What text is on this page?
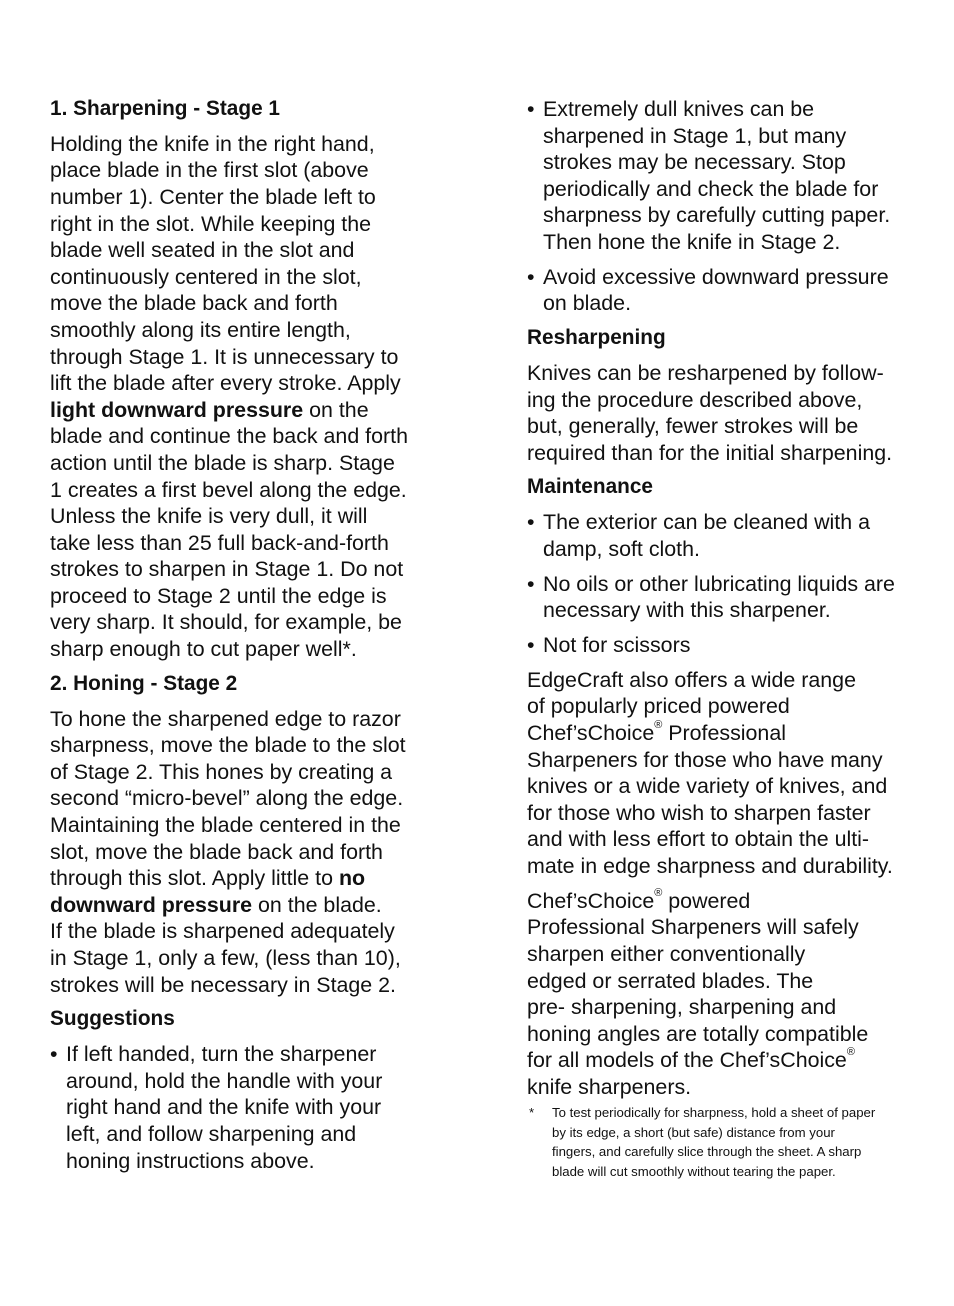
1. Sharpening - Stage 1

Holding the knife in the right hand,

place blade in the first slot (above

number 1). Center the blade left to

right in the slot. While keeping the

blade well seated in the slot and

continuously centered in the slot,

move the blade back and forth

smoothly along its entire length,

through Stage 1. It is unnecessary to

lift the blade after every stroke. Apply

light downward pressure on the

blade and continue the back and forth

action until the blade is sharp. Stage

1 creates a first bevel along the edge.

Unless the knife is very dull, it will

take less than 25 full back-and-forth

strokes to sharpen in Stage 1. Do not

proceed to Stage 2 until the edge is

very sharp. It should, for example, be

sharp enough to cut paper well*.

2. Honing - Stage 2

To hone the sharpened edge to razor

sharpness, move the blade to the slot

of Stage 2. This hones by creating a

second “micro-bevel” along the edge.

Maintaining the blade centered in the

slot, move the blade back and forth

through this slot. Apply little to no

downward pressure on the blade.

If the blade is sharpened adequately

in Stage 1, only a few, (less than 10),

strokes will be necessary in Stage 2.

Suggestions

• If left handed, turn the sharpener

around, hold the handle with your

right hand and the knife with your

left, and follow sharpening and

honing instructions above.

• Extremely dull knives can be

sharpened in Stage 1, but many

strokes may be necessary. Stop

periodically and check the blade for

sharpness by carefully cutting paper.

Then hone the knife in Stage 2.

• Avoid excessive downward pressure

on blade.

Resharpening

Knives can be resharpened by follow-

ing the procedure described above,

but, generally, fewer strokes will be

required than for the initial sharpening.

Maintenance

• The exterior can be cleaned with a

damp, soft cloth.

• No oils or other lubricating liquids are

necessary with this sharpener.

• Not for scissors

EdgeCraft also offers a wide range

of popularly priced powered

Chef’sChoice® Professional

Sharpeners for those who have many

knives or a wide variety of knives, and

for those who wish to sharpen faster

and with less effort to obtain the ulti-

mate in edge sharpness and durability.

Chef’sChoice® powered

Professional Sharpeners will safely

sharpen either conventionally

edged or serrated blades. The

pre- sharpening, sharpening and

honing angles are totally compatible

for all models of the Chef’sChoice®

knife sharpeners.

* To test periodically for sharpness, hold a sheet of paper

by its edge, a short (but safe) distance from your

fingers, and carefully slice through the sheet. A sharp

blade will cut smoothly without tearing the paper.
